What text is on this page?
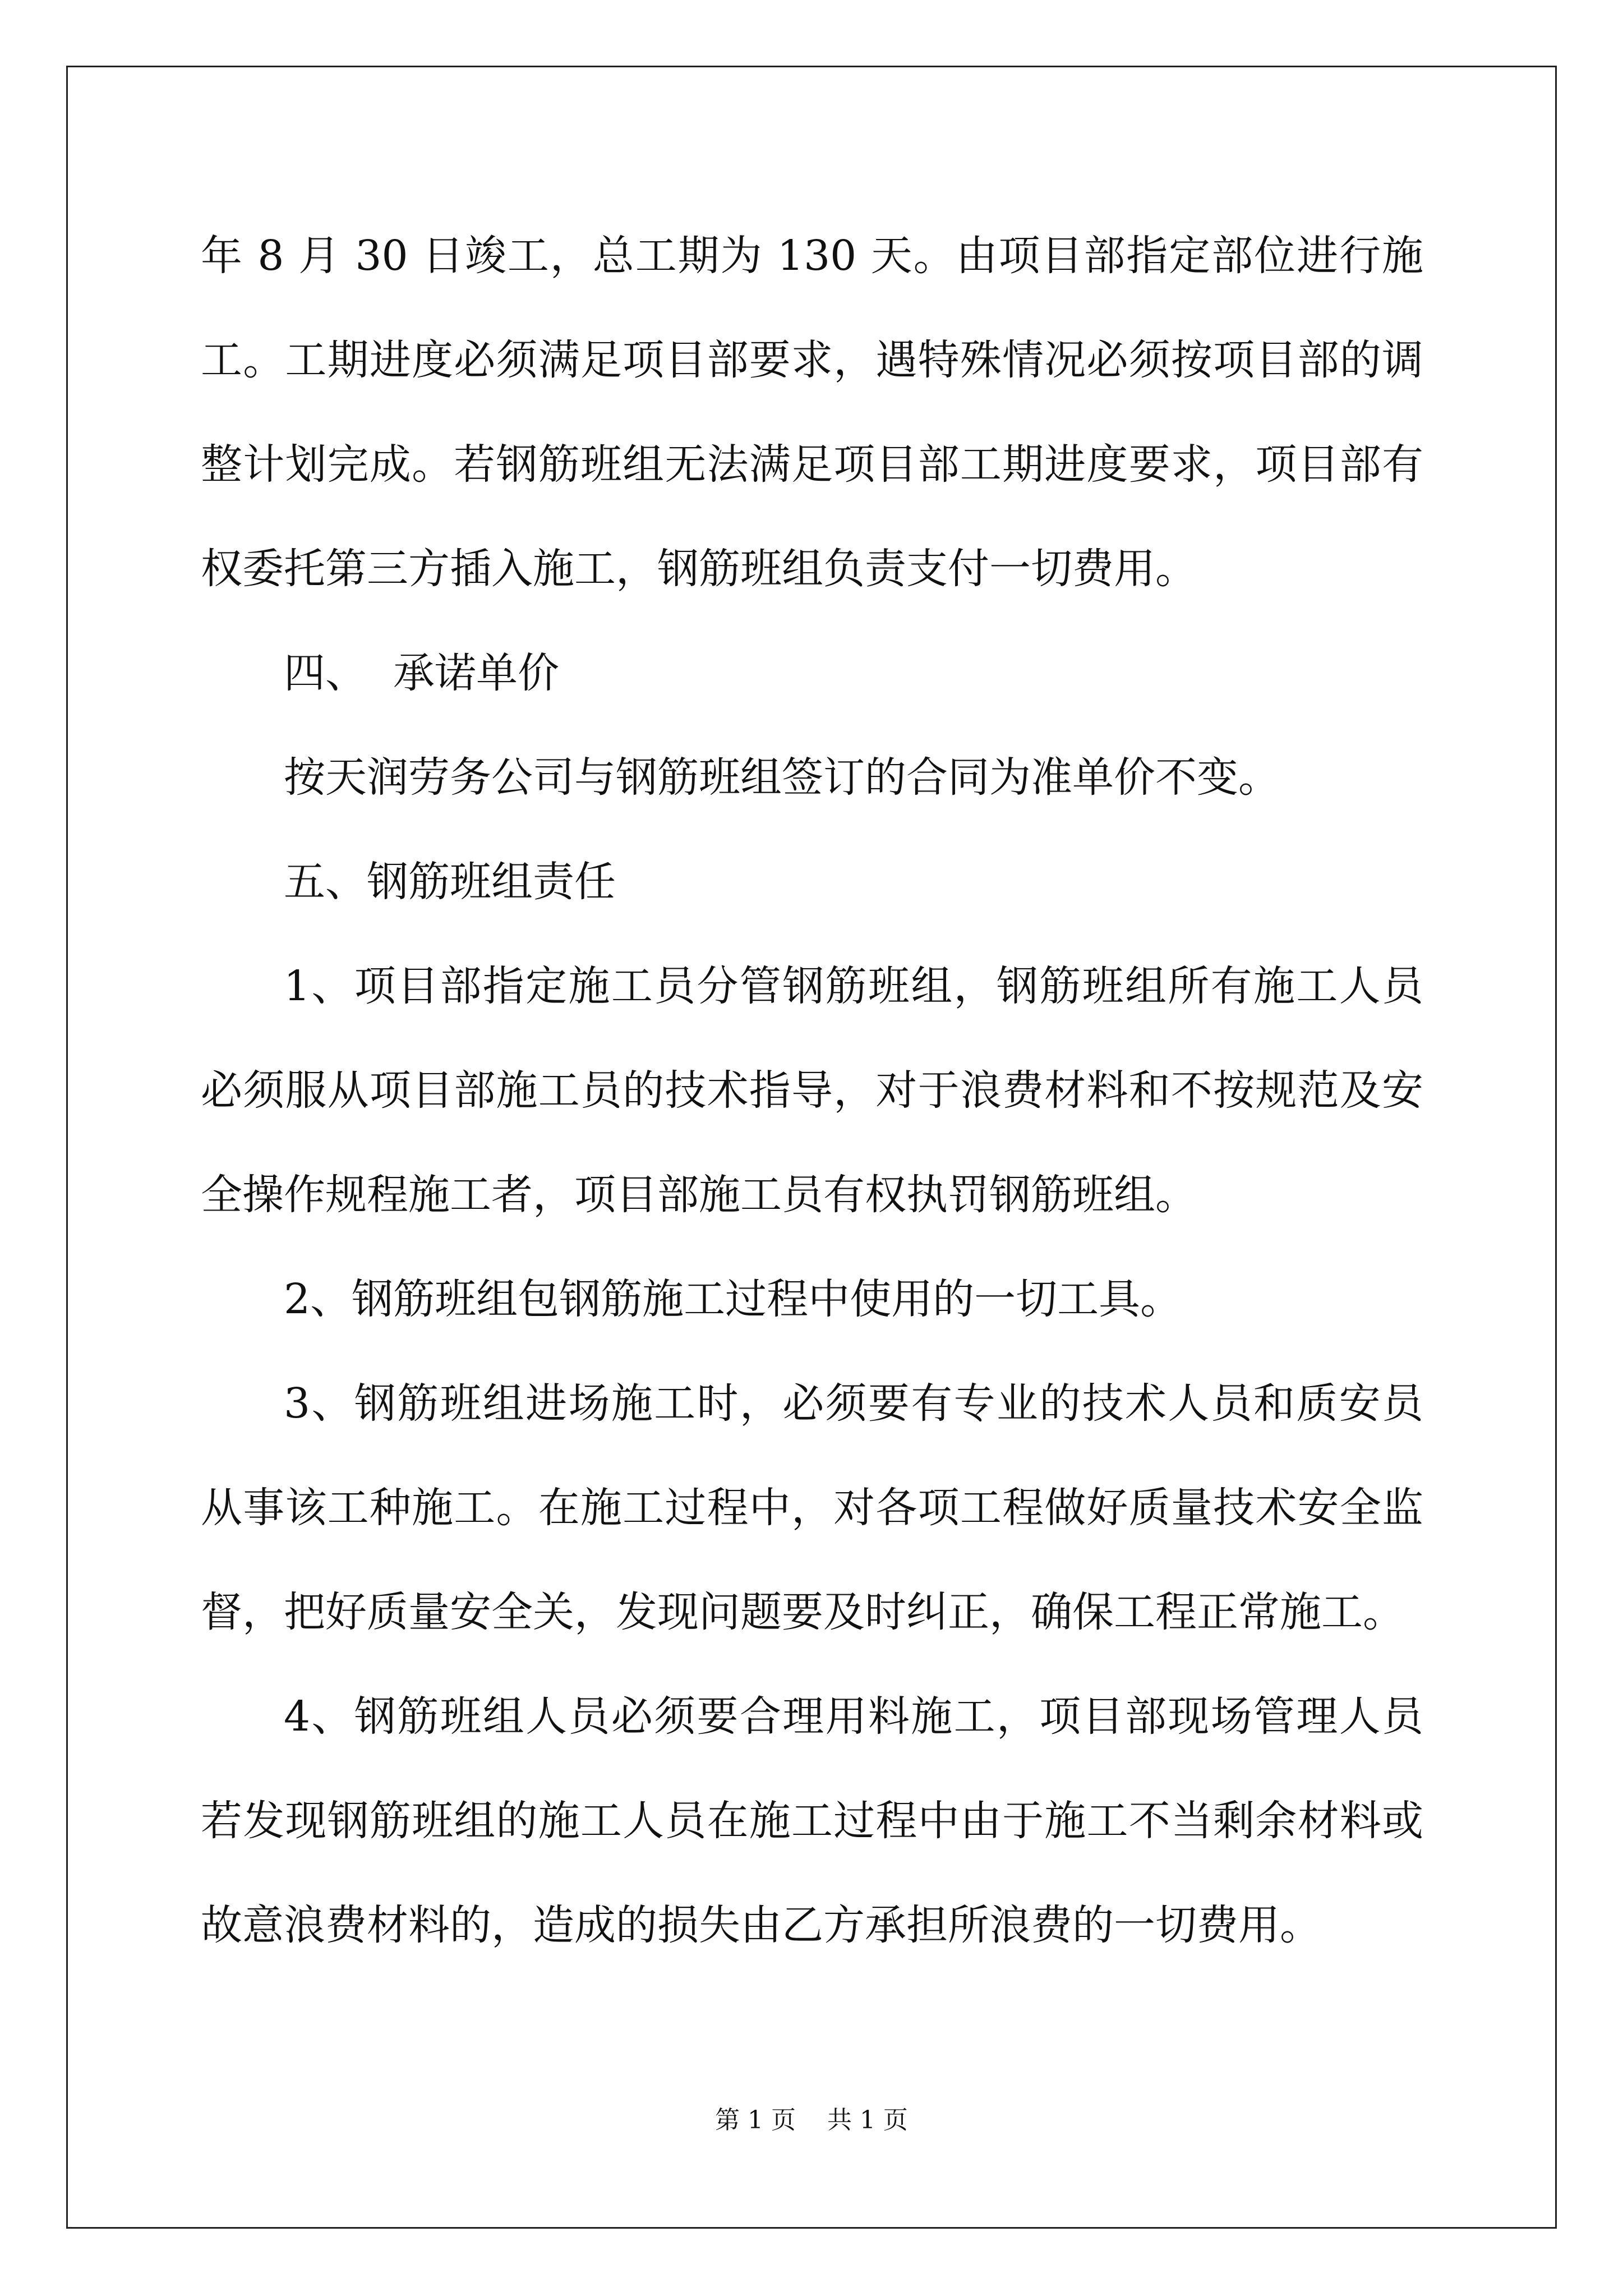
年 8 月 30 日竣工，总工期为 130 天。由项目部指定部位进行施工。工期进度必须满足项目部要求，遇特殊情况必须按项目部的调整计划完成。若钢筋班组无法满足项目部工期进度要求，项目部有权委托第三方插入施工，钢筋班组负责支付一切费用。

四、  承诺单价

按天润劳务公司与钢筋班组签订的合同为准单价不变。

五、钢筋班组责任

1、项目部指定施工员分管钢筋班组，钢筋班组所有施工人员必须服从项目部施工员的技术指导，对于浪费材料和不按规范及安全操作规程施工者，项目部施工员有权执罚钢筋班组。

2、钢筋班组包钢筋施工过程中使用的一切工具。

3、钢筋班组进场施工时，必须要有专业的技术人员和质安员从事该工种施工。在施工过程中，对各项工程做好质量技术安全监督，把好质量安全关，发现问题要及时纠正，确保工程正常施工。

4、钢筋班组人员必须要合理用料施工，项目部现场管理人员若发现钢筋班组的施工人员在施工过程中由于施工不当剩余材料或故意浪费材料的，造成的损失由乙方承担所浪费的一切费用。

第 1 页    共 1 页
